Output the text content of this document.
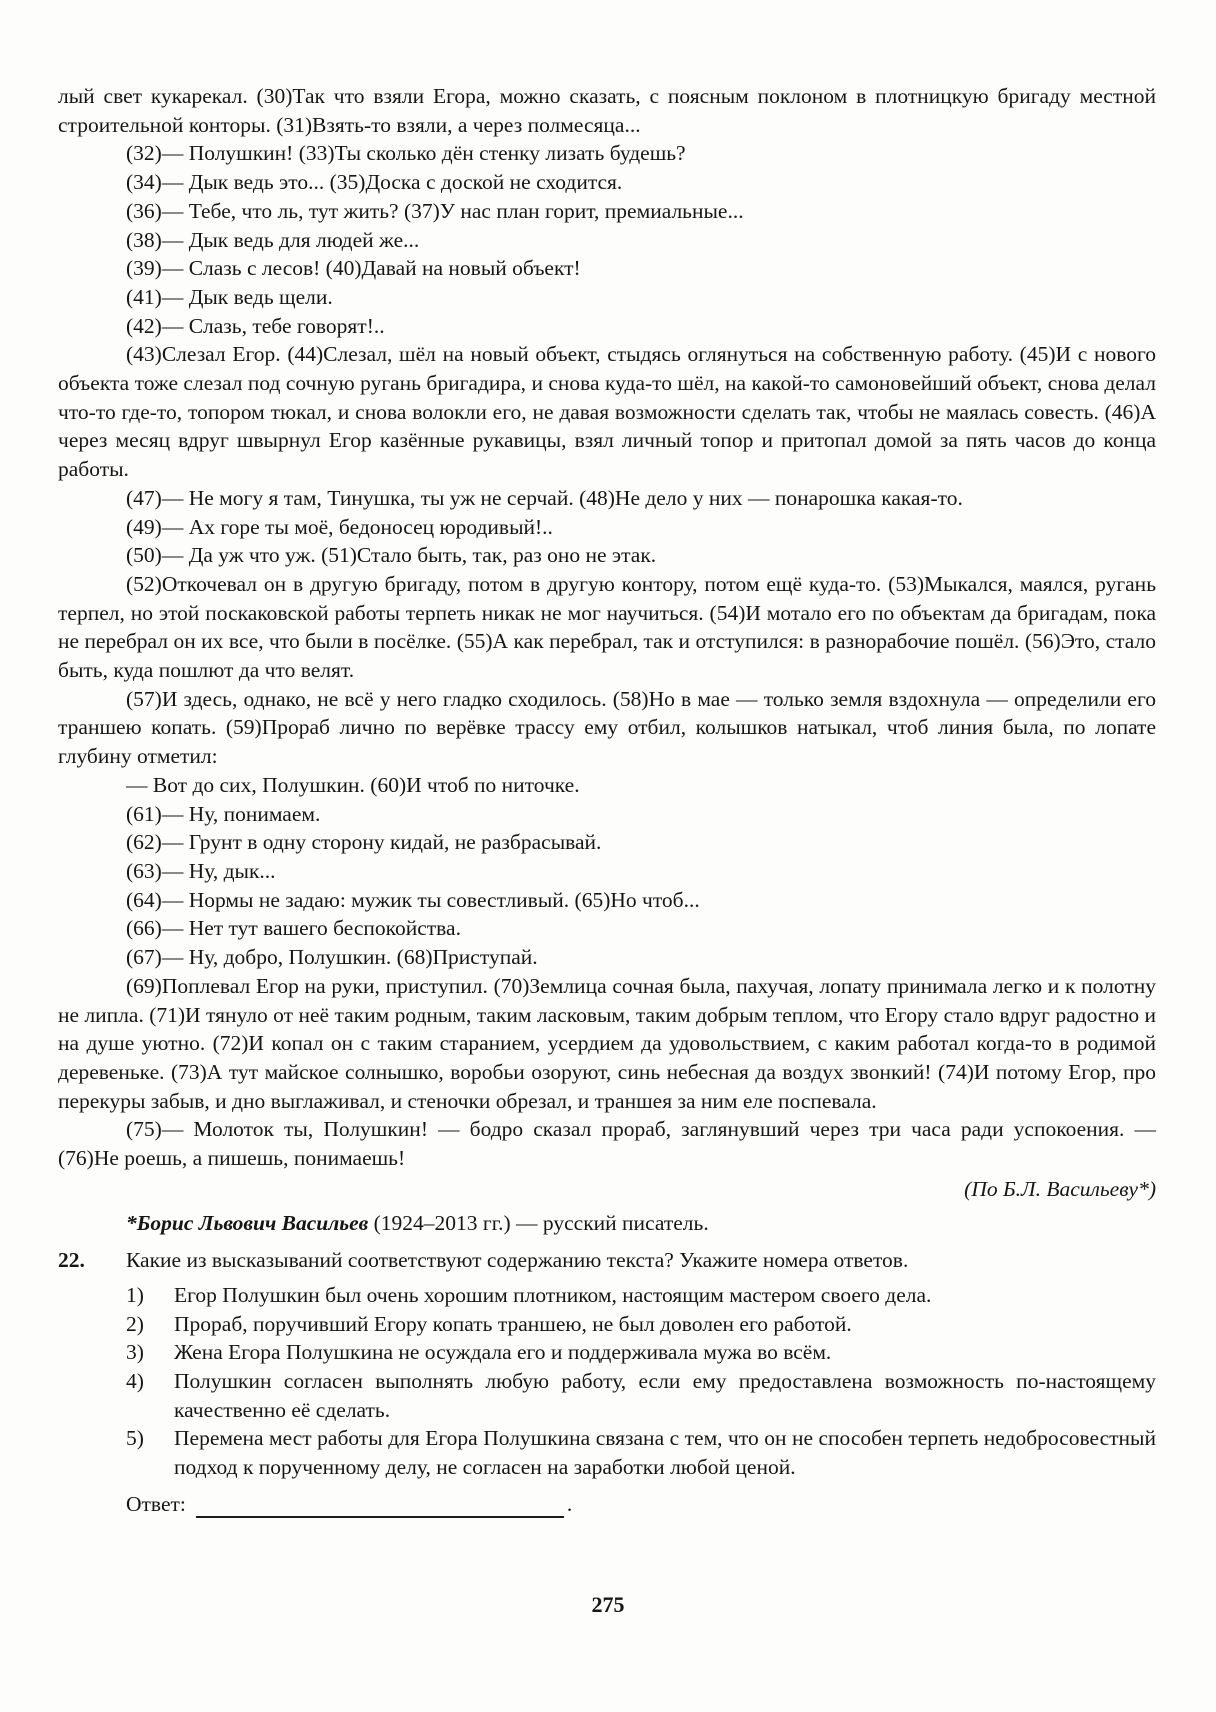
лый свет кукарекал. (30)Так что взяли Егора, можно сказать, с поясным поклоном в плотницкую бригаду местной строительной конторы. (31)Взять-то взяли, а через полмесяца...

(32)— Полушкин! (33)Ты сколько дён стенку лизать будешь?

(34)— Дык ведь это... (35)Доска с доской не сходится.

(36)— Тебе, что ль, тут жить? (37)У нас план горит, премиальные...

(38)— Дык ведь для людей же...

(39)— Слазь с лесов! (40)Давай на новый объект!

(41)— Дык ведь щели.

(42)— Слазь, тебе говорят!..

(43)Слезал Егор. (44)Слезал, шёл на новый объект, стыдясь оглянуться на собственную работу. (45)И с нового объекта тоже слезал под сочную ругань бригадира, и снова куда-то шёл, на какой-то самоновейший объект, снова делал что-то где-то, топором тюкал, и снова волокли его, не давая возможности сделать так, чтобы не маялась совесть. (46)А через месяц вдруг швырнул Егор казённые рукавицы, взял личный топор и притопал домой за пять часов до конца работы.

(47)— Не могу я там, Тинушка, ты уж не серчай. (48)Не дело у них — понарошка какая-то.

(49)— Ах горе ты моё, бедоносец юродивый!..

(50)— Да уж что уж. (51)Стало быть, так, раз оно не этак.

(52)Откочевал он в другую бригаду, потом в другую контору, потом ещё куда-то. (53)Мыкался, маялся, ругань терпел, но этой поскаковской работы терпеть никак не мог научиться. (54)И мотало его по объектам да бригадам, пока не перебрал он их все, что были в посёлке. (55)А как перебрал, так и отступился: в разнорабочие пошёл. (56)Это, стало быть, куда пошлют да что велят.

(57)И здесь, однако, не всё у него гладко сходилось. (58)Но в мае — только земля вздохнула — определили его траншею копать. (59)Прораб лично по верёвке трассу ему отбил, колышков натыкал, чтоб линия была, по лопате глубину отметил:

— Вот до сих, Полушкин. (60)И чтоб по ниточке.

(61)— Ну, понимаем.

(62)— Грунт в одну сторону кидай, не разбрасывай.

(63)— Ну, дык...

(64)— Нормы не задаю: мужик ты совестливый. (65)Но чтоб...

(66)— Нет тут вашего беспокойства.

(67)— Ну, добро, Полушкин. (68)Приступай.

(69)Поплевал Егор на руки, приступил. (70)Землица сочная была, пахучая, лопату принимала легко и к полотну не липла. (71)И тянуло от неё таким родным, таким ласковым, таким добрым теплом, что Егору стало вдруг радостно и на душе уютно. (72)И копал он с таким старанием, усердием да удовольствием, с каким работал когда-то в родимой деревеньке. (73)А тут майское солнышко, воробьи озоруют, синь небесная да воздух звонкий! (74)И потому Егор, про перекуры забыв, и дно выглаживал, и стеночки обрезал, и траншея за ним еле поспевала.

(75)— Молоток ты, Полушкин! — бодро сказал прораб, заглянувший через три часа ради успокоения. — (76)Не роешь, а пишешь, понимаешь!

(По Б.Л. Васильеву*)

*Борис Львович Васильев (1924–2013 гг.) — русский писатель.

22.	Какие из высказываний соответствуют содержанию текста? Укажите номера ответов.
1)	Егор Полушкин был очень хорошим плотником, настоящим мастером своего дела.
2)	Прораб, поручивший Егору копать траншею, не был доволен его работой.
3)	Жена Егора Полушкина не осуждала его и поддерживала мужа во всём.
4)	Полушкин согласен выполнять любую работу, если ему предоставлена возможность по-настоящему качественно её сделать.
5)	Перемена мест работы для Егора Полушкина связана с тем, что он не способен терпеть недобросовестный подход к порученному делу, не согласен на заработки любой ценой.
Ответ:	.
275
